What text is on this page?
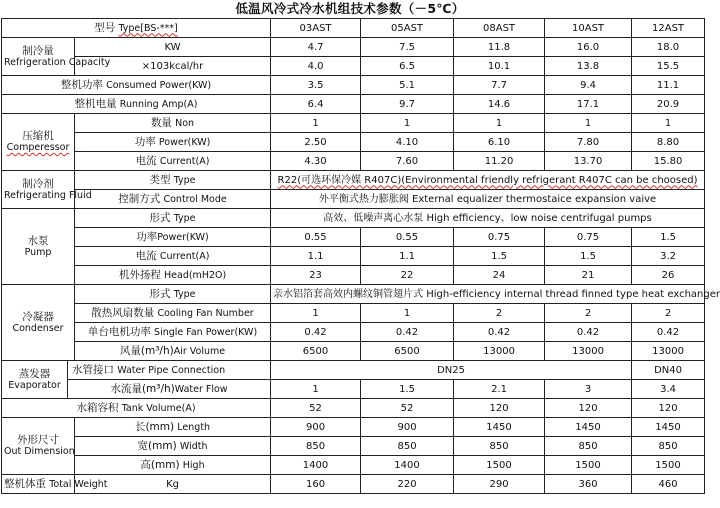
低温风冷式冷水机组技术参数（－5℃）
型号 Type[BS-***]			03AST	05AST	08AST	10AST	12AST

制冷量
Refrigeration Capacity		KW	4.7	7.5	11.8	16.0	18.0
		×103kcal/hr	4.0	6.5	10.1	13.8	15.5
整机功率 Consumed Power(KW)			3.5	5.1	7.7	9.4	11.1
整机电量 Running Amp(A)			6.4	9.7	14.6	17.1	20.9

压缩机
Comperessor		数量 Non	1	1	1	1	1
		功率 Power(KW)	2.50	4.10	6.10	7.80	8.80
		电流 Current(A)	4.30	7.60	11.20	13.70	15.80

制冷剂
Refrigerating Fluid		类型 Type	R22(可选环保冷媒 R407C)(Environmental friendly refrigerant R407C can be choosed)				
		控制方式 Control Mode	外平衡式热力膨胀阀 External equalizer thermostaice expansion vaive				

水泵
Pump		形式 Type	高效、低噪声离心水泵 High efficiency、low noise centrifugal pumps				
		功率Power(KW)	0.55	0.55	0.75	0.75	1.5
		电流 Current(A)	1.1	1.1	1.5	1.5	3.2
		机外扬程 Head(mH2O)	23	22	24	21	26

冷凝器
Condenser		形式 Type	亲水铝箔套高效内螺纹铜管翅片式 High-efficiency internal thread finned type heat exchanger				
		散热风扇数量 Cooling Fan Number	1	1	2	2	2
		单台电机功率 Single Fan Power(KW)	0.42	0.42	0.42	0.42	0.42
		风量(m³/h)Air Volume	6500	6500	13000	13000	13000

蒸发器
Evaporator	水管接口 Water Pipe Connection		DN25				DN40
	水流量(m³/h)Water Flow		1	1.5	2.1	3	3.4
水箱容积 Tank Volume(A)			52	52	120	120	120

外形尺寸
Out Dimension		长(mm) Length	900	900	1450	1450	1450
		宽(mm) Width	850	850	850	850	850
		高(mm) High	1400	1400	1500	1500	1500
整机体重 Total Weight		Kg	160	220	290	360	460
